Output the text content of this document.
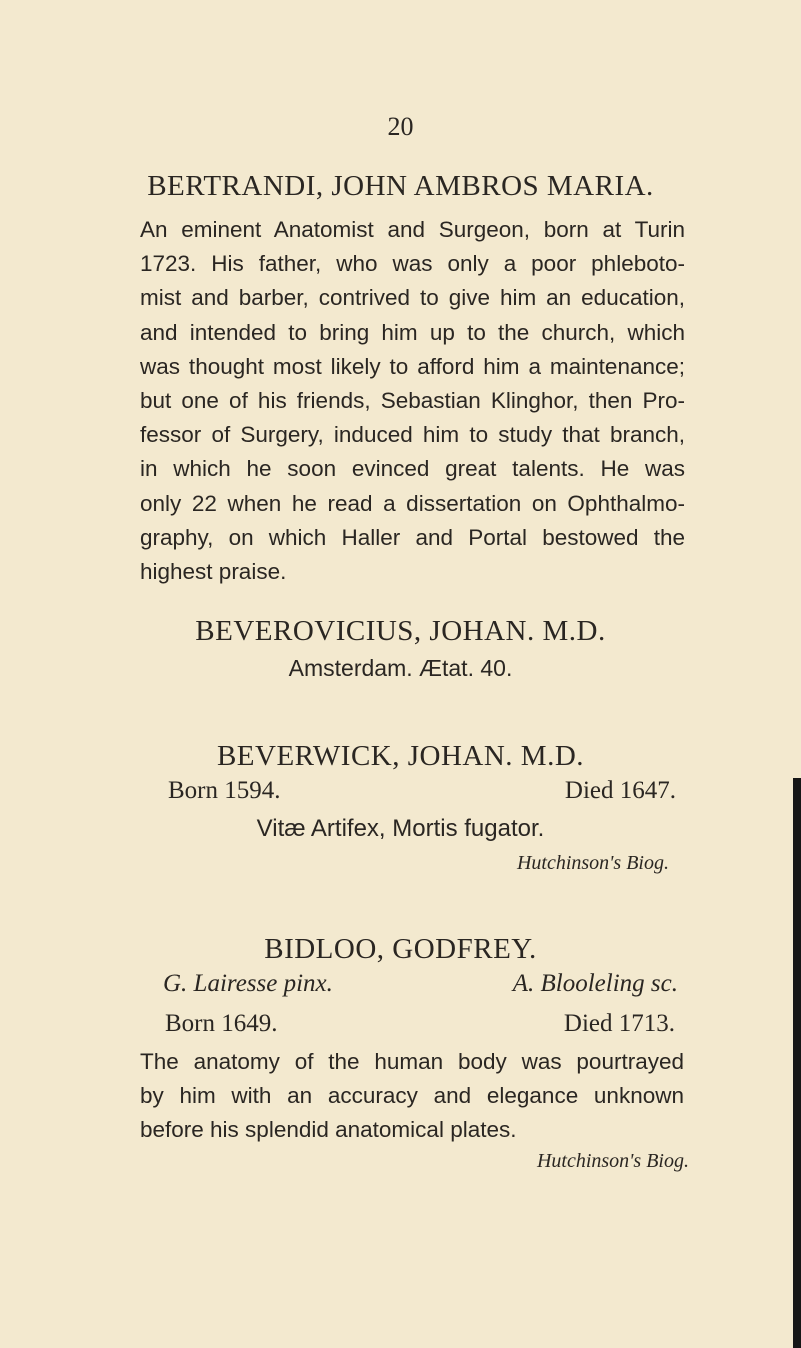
20
BERTRANDI, JOHN AMBROS MARIA.
An eminent Anatomist and Surgeon, born at Turin
1723. His father, who was only a poor phleboto-
mist and barber, contrived to give him an education,
and intended to bring him up to the church, which
was thought most likely to afford him a maintenance;
but one of his friends, Sebastian Klinghor, then Pro-
fessor of Surgery, induced him to study that branch,
in which he soon evinced great talents. He was
only 22 when he read a dissertation on Ophthalmo-
graphy, on which Haller and Portal bestowed the
highest praise.
BEVEROVICIUS, JOHAN. M.D.
Amsterdam. Ætat. 40.
BEVERWICK, JOHAN. M.D.
Born 1594.	Died 1647.
Vitæ Artifex, Mortis fugator.
Hutchinson's Biog.
BIDLOO, GODFREY.
G. Lairesse pinx.	A. Blooleling sc.
Born 1649.	Died 1713.
The anatomy of the human body was pourtrayed
by him with an accuracy and elegance unknown
before his splendid anatomical plates.
Hutchinson's Biog.
